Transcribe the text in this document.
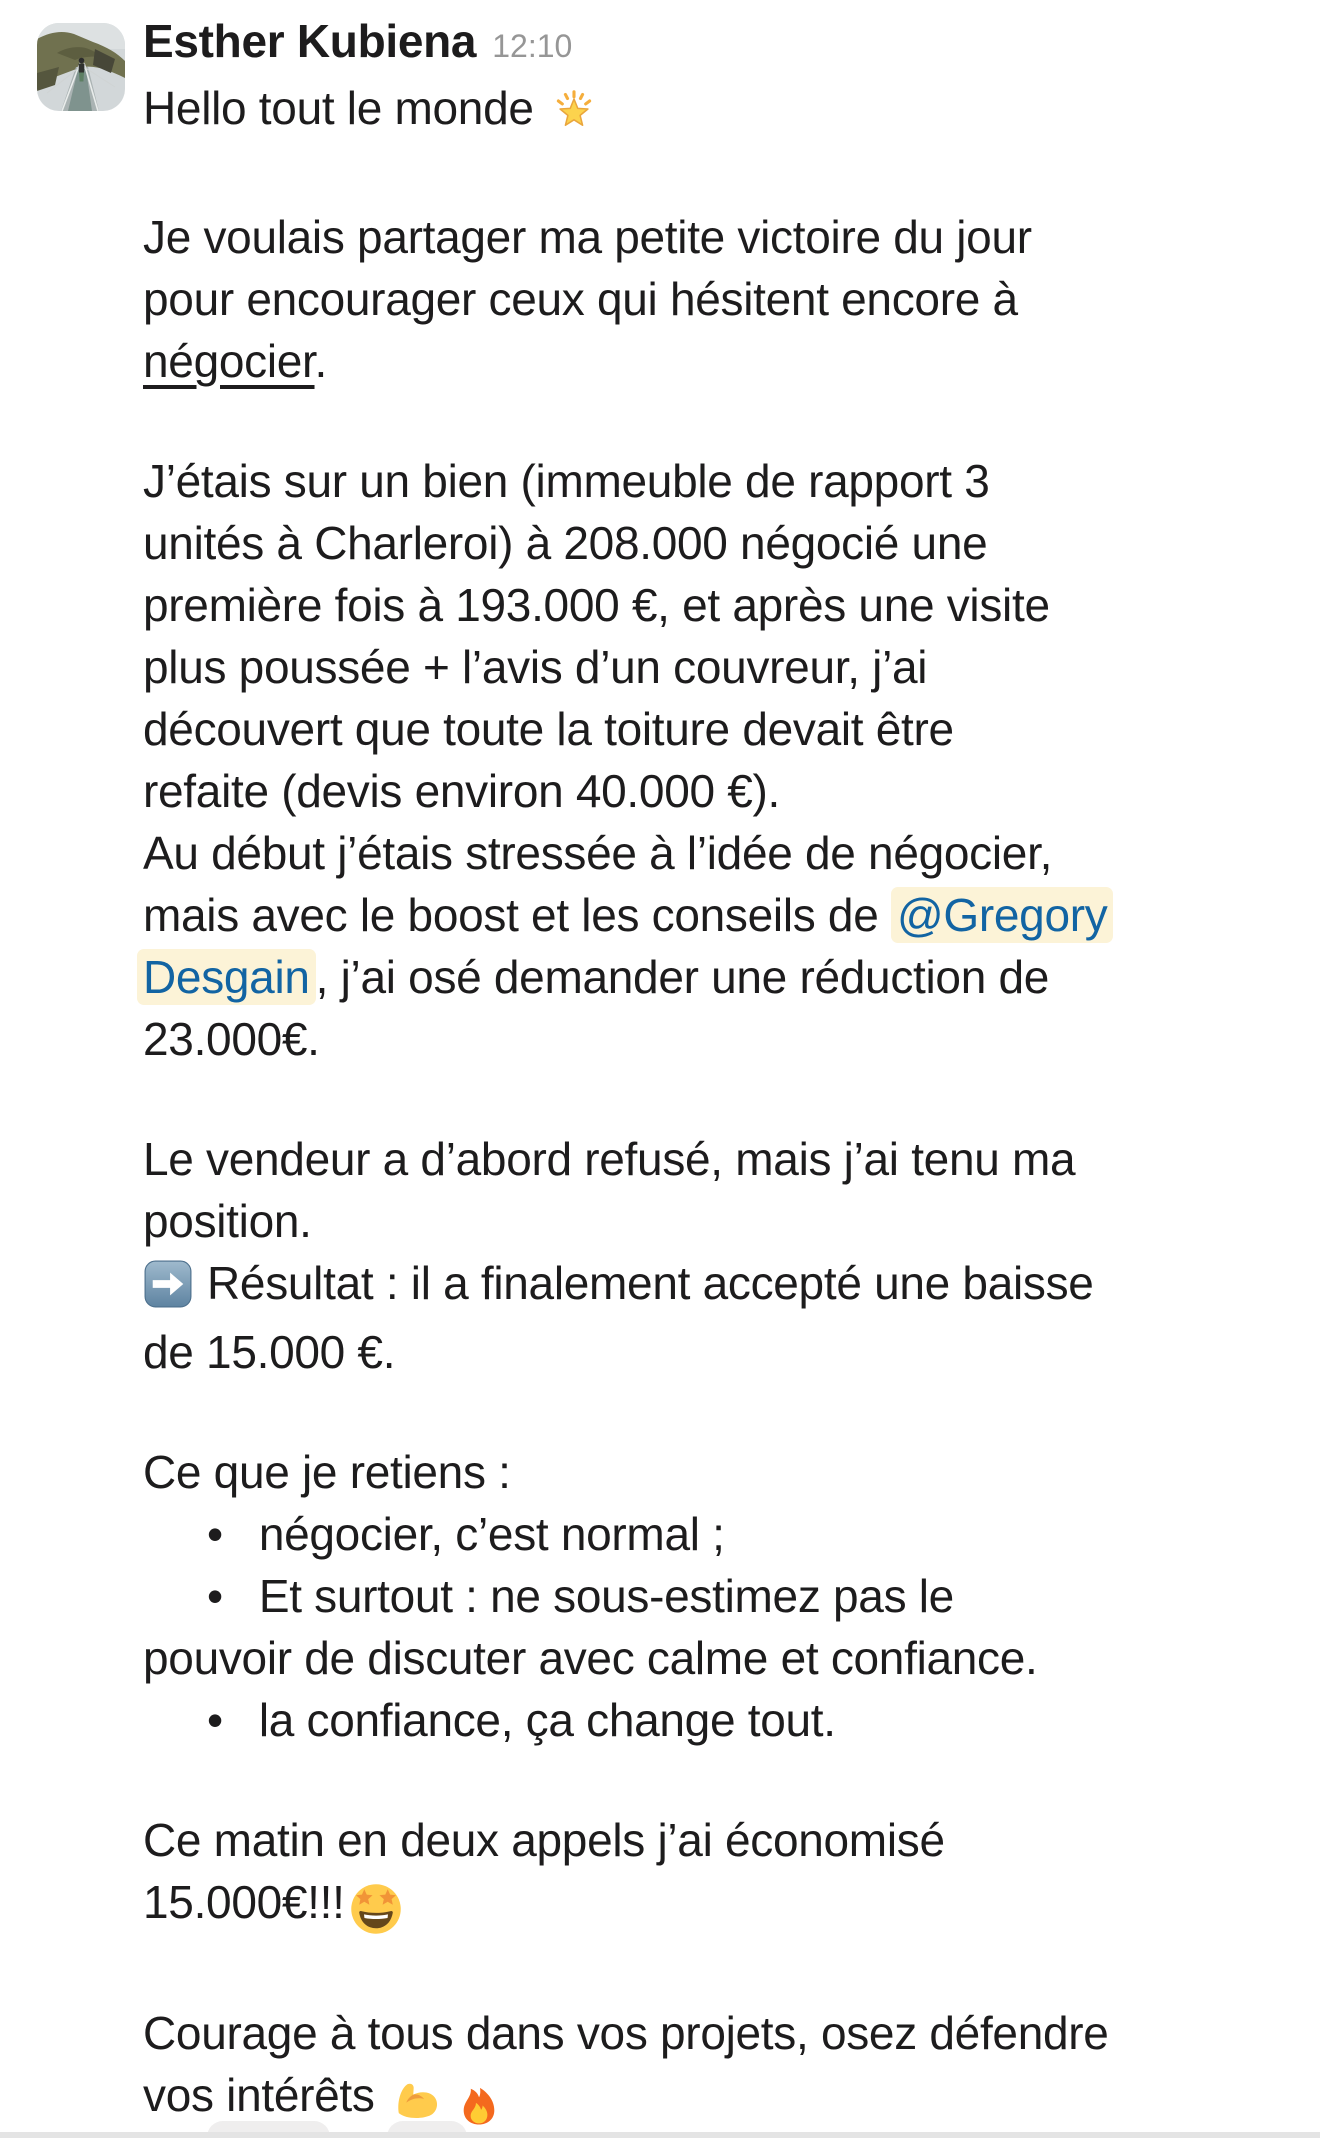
Esther Kubiena 12:10
Hello tout le monde
Je voulais partager ma petite victoire du jour
pour encourager ceux qui hésitent encore à
négocier.
J’étais sur un bien (immeuble de rapport 3
unités à Charleroi) à 208.000 négocié une
première fois à 193.000 €, et après une visite
plus poussée + l’avis d’un couvreur, j’ai
découvert que toute la toiture devait être
refaite (devis environ 40.000 €).
Au début j’étais stressée à l’idée de négocier,
mais avec le boost et les conseils de @Gregory
Desgain , j’ai osé demander une réduction de
23.000€.
Le vendeur a d’abord refusé, mais j’ai tenu ma
position.
Résultat : il a finalement accepté une baisse
de 15.000 €.
Ce que je retiens :
• négocier, c’est normal ;
• Et surtout : ne sous-estimez pas le
pouvoir de discuter avec calme et confiance.
• la confiance, ça change tout.
Ce matin en deux appels j’ai économisé
15.000€!!!
Courage à tous dans vos projets, osez défendre
vos intérêts
